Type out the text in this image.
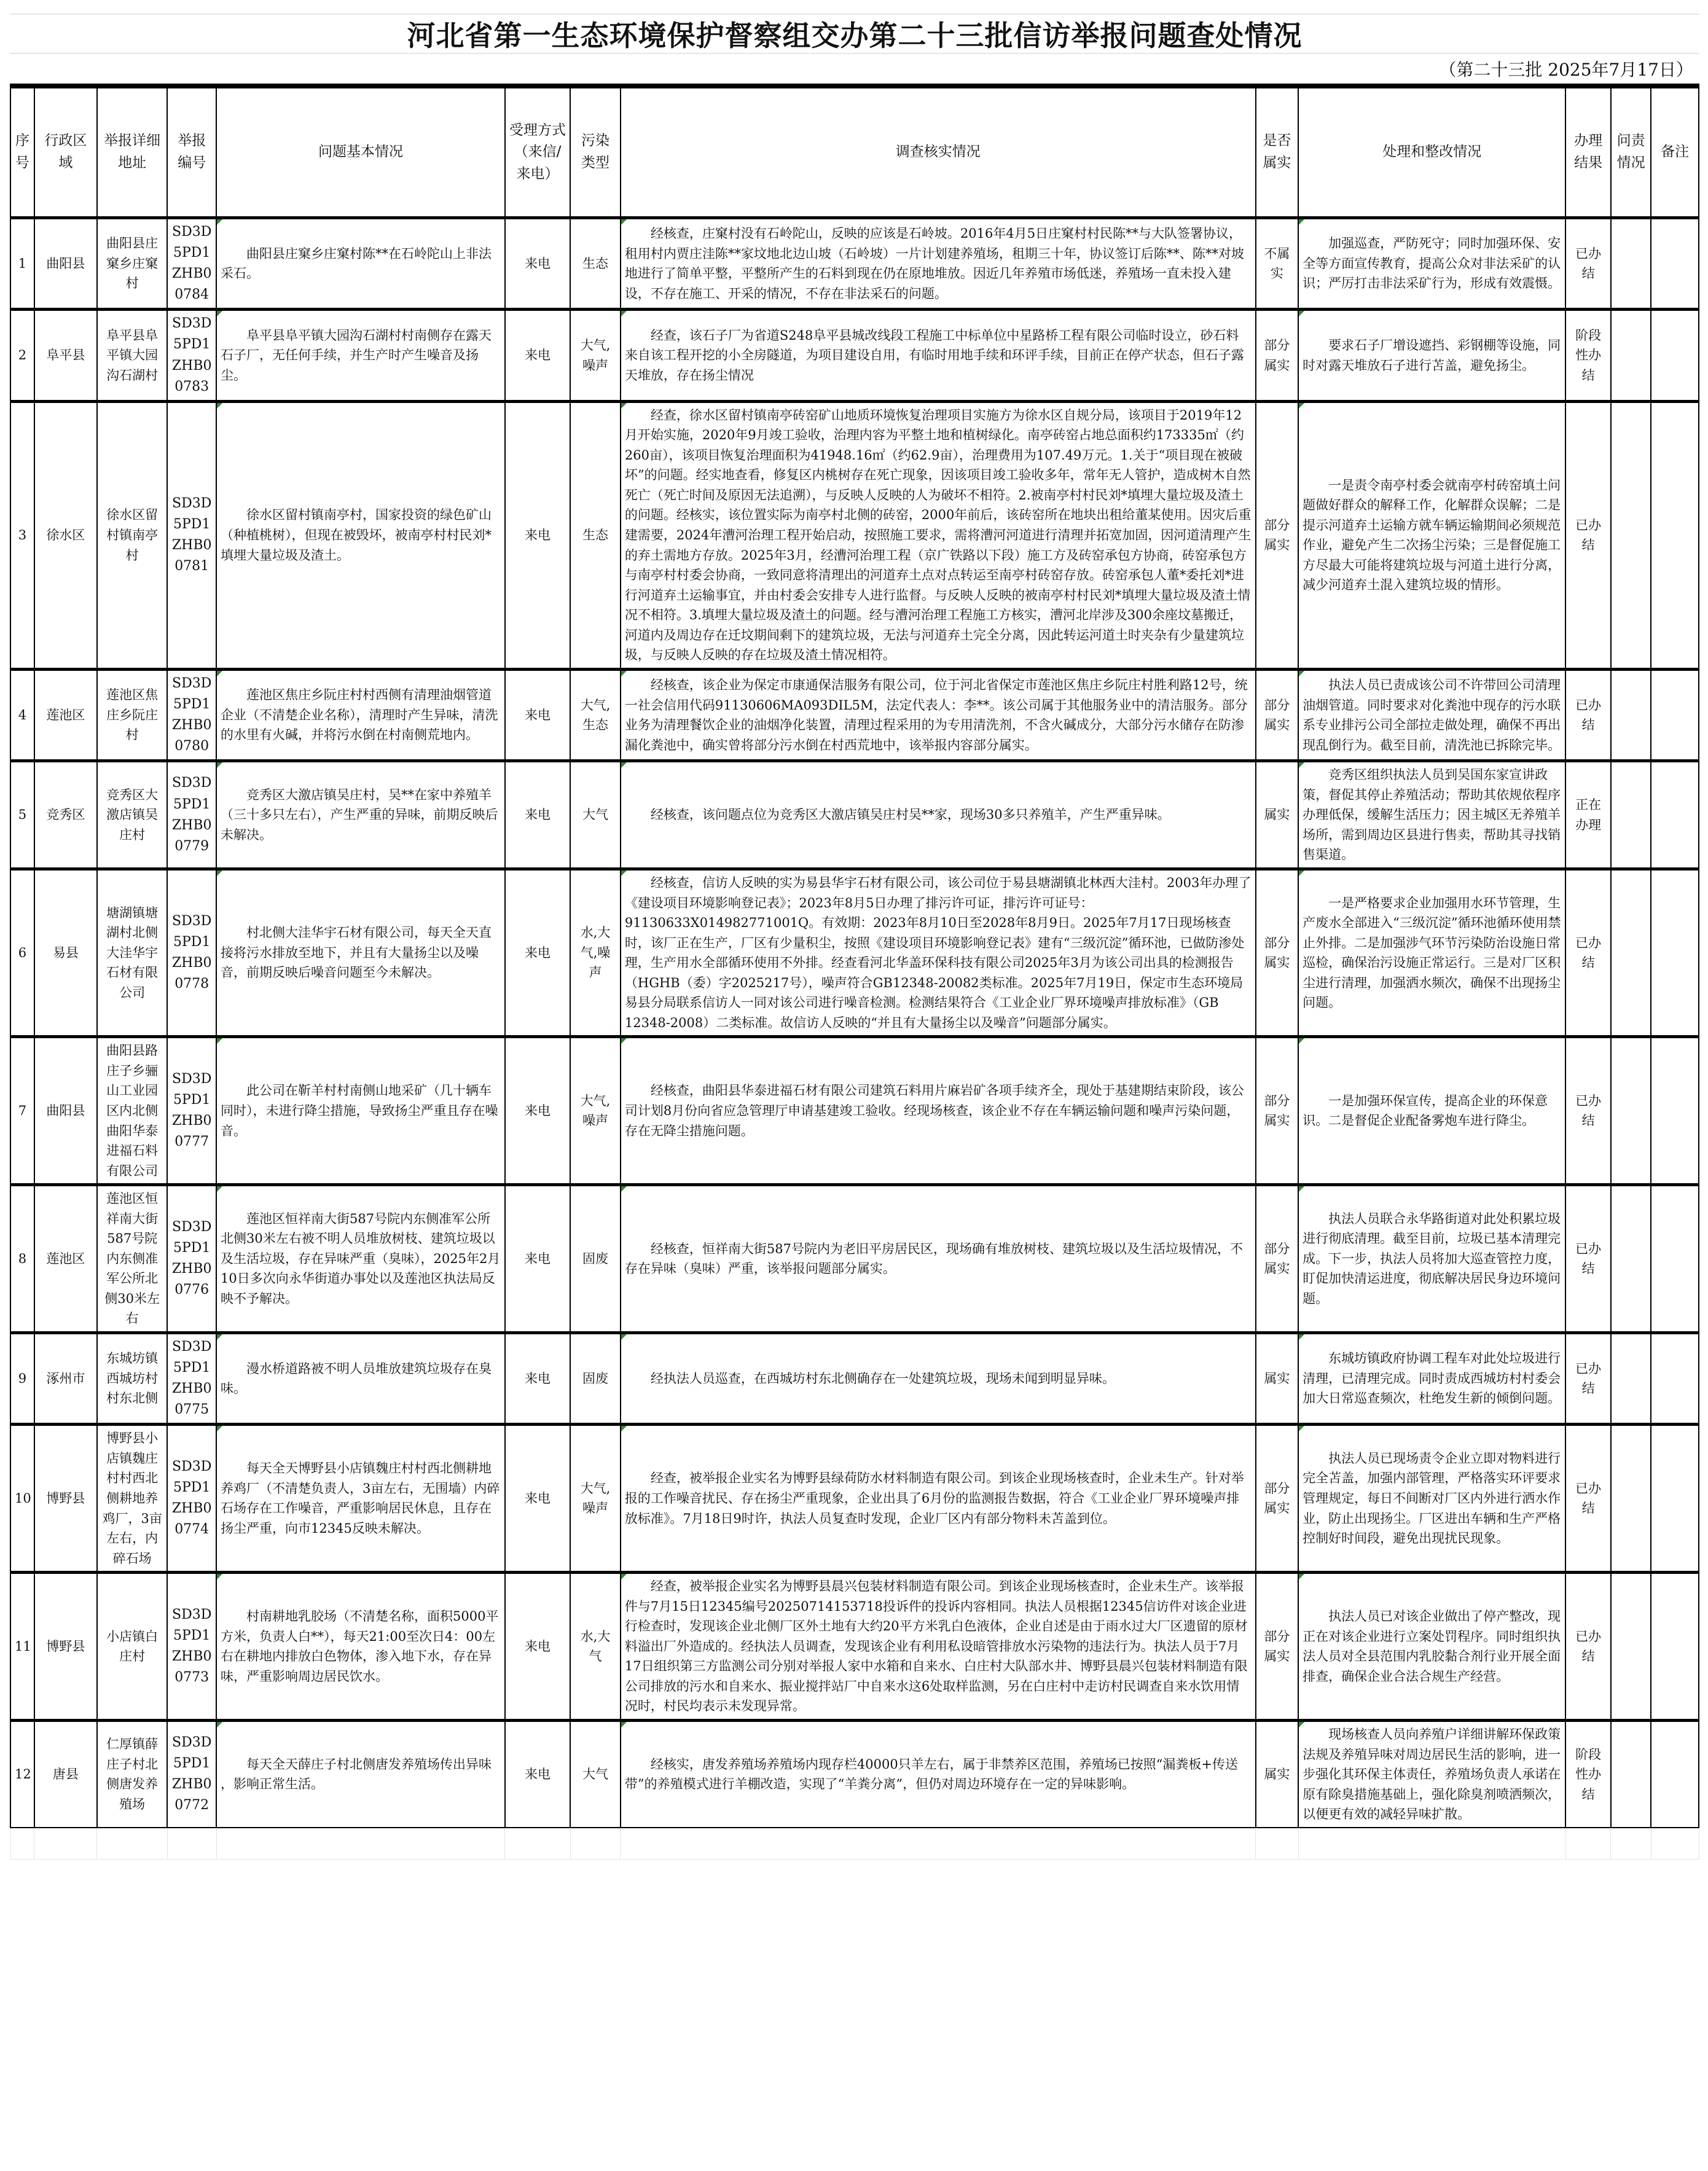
河北省第一生态环境保护督察组交办第二十三批信访举报问题查处情况
（第二十三批 2025年7月17日）
序号	行政区域	举报详细地址	举报编号	问题基本情况	受理方式（来信/来电）	污染类型	调查核实情况	是否属实	处理和整改情况	办理结果	问责情况	备注
1	曲阳县	曲阳县庄窠乡庄窠村	SD3D5PD1ZHB00784	曲阳县庄窠乡庄窠村陈**在石岭陀山上非法采石。	来电	生态	经核查，庄窠村没有石岭陀山，反映的应该是石岭坡。2016年4月5日庄窠村村民陈**与大队签署协议，租用村内贾庄洼陈**家坟地北边山坡（石岭坡）一片计划建养殖场，租期三十年，协议签订后陈**、陈**对坡地进行了简单平整，平整所产生的石料到现在仍在原地堆放。因近几年养殖市场低迷，养殖场一直未投入建设，不存在施工、开采的情况，不存在非法采石的问题。	不属实	加强巡查，严防死守；同时加强环保、安全等方面宣传教育，提高公众对非法采矿的认识；严厉打击非法采矿行为，形成有效震慑。	已办结		
2	阜平县	阜平县阜平镇大园沟石湖村	SD3D5PD1ZHB00783	阜平县阜平镇大园沟石湖村村南侧存在露天石子厂，无任何手续，并生产时产生噪音及扬尘。	来电	大气,噪声	经查，该石子厂为省道S248阜平县城改线段工程施工中标单位中星路桥工程有限公司临时设立，砂石料来自该工程开挖的小全房隧道，为项目建设自用，有临时用地手续和环评手续，目前正在停产状态，但石子露天堆放，存在扬尘情况	部分属实	要求石子厂增设遮挡、彩钢棚等设施，同时对露天堆放石子进行苫盖，避免扬尘。	阶段性办结		
3	徐水区	徐水区留村镇南亭村	SD3D5PD1ZHB00781	徐水区留村镇南亭村，国家投资的绿色矿山（种植桃树），但现在被毁坏，被南亭村村民刘*填埋大量垃圾及渣土。	来电	生态	经查，徐水区留村镇南亭砖窑矿山地质环境恢复治理项目实施方为徐水区自规分局，该项目于2019年12月开始实施，2020年9月竣工验收，治理内容为平整土地和植树绿化。南亭砖窑占地总面积约173335㎡（约260亩），该项目恢复治理面积为41948.16㎡（约62.9亩），治理费用为107.49万元。1.关于“项目现在被破坏”的问题。经实地查看，修复区内桃树存在死亡现象，因该项目竣工验收多年，常年无人管护，造成树木自然死亡（死亡时间及原因无法追溯），与反映人反映的人为破坏不相符。2.被南亭村村民刘*填埋大量垃圾及渣土的问题。经核实，该位置实际为南亭村北侧的砖窑，2000年前后，该砖窑所在地块出租给董某使用。因灾后重建需要，2024年漕河治理工程开始启动，按照施工要求，需将漕河河道进行清理并拓宽加固，因河道清理产生的弃土需地方存放。2025年3月，经漕河治理工程（京广铁路以下段）施工方及砖窑承包方协商，砖窑承包方与南亭村村委会协商，一致同意将清理出的河道弃土点对点转运至南亭村砖窑存放。砖窑承包人董*委托刘*进行河道弃土运输事宜，并由村委会安排专人进行监督。与反映人反映的被南亭村村民刘*填埋大量垃圾及渣土情况不相符。3.填埋大量垃圾及渣土的问题。经与漕河治理工程施工方核实，漕河北岸涉及300余座坟墓搬迁，河道内及周边存在迁坟期间剩下的建筑垃圾，无法与河道弃土完全分离，因此转运河道土时夹杂有少量建筑垃圾，与反映人反映的存在垃圾及渣土情况相符。	部分属实	一是责令南亭村委会就南亭村砖窑填土问题做好群众的解释工作，化解群众误解；二是提示河道弃土运输方就车辆运输期间必须规范作业，避免产生二次扬尘污染；三是督促施工方尽最大可能将建筑垃圾与河道土进行分离，减少河道弃土混入建筑垃圾的情形。	已办结		
4	莲池区	莲池区焦庄乡阮庄村	SD3D5PD1ZHB00780	莲池区焦庄乡阮庄村村西侧有清理油烟管道企业（不清楚企业名称），清理时产生异味，清洗的水里有火碱，并将污水倒在村南侧荒地内。	来电	大气,生态	经核查，该企业为保定市康通保洁服务有限公司，位于河北省保定市莲池区焦庄乡阮庄村胜利路12号，统一社会信用代码91130606MA093DIL5M，法定代表人：李**。该公司属于其他服务业中的清洁服务。部分业务为清理餐饮企业的油烟净化装置，清理过程采用的为专用清洗剂，不含火碱成分，大部分污水储存在防渗漏化粪池中，确实曾将部分污水倒在村西荒地中，该举报内容部分属实。	部分属实	执法人员已责成该公司不许带回公司清理油烟管道。同时要求对化粪池中现存的污水联系专业排污公司全部拉走做处理，确保不再出现乱倒行为。截至目前，清洗池已拆除完毕。	已办结		
5	竞秀区	竞秀区大激店镇吴庄村	SD3D5PD1ZHB00779	竞秀区大激店镇吴庄村，吴**在家中养殖羊（三十多只左右），产生严重的异味，前期反映后未解决。	来电	大气	经核查，该问题点位为竞秀区大激店镇吴庄村吴**家，现场30多只养殖羊，产生严重异味。	属实	竞秀区组织执法人员到吴国东家宣讲政策，督促其停止养殖活动；帮助其依规依程序办理低保，缓解生活压力；因主城区无养殖羊场所，需到周边区县进行售卖，帮助其寻找销售渠道。	正在办理		
6	易县	塘湖镇塘湖村北侧大洼华宇石材有限公司	SD3D5PD1ZHB00778	村北侧大洼华宇石材有限公司，每天全天直接将污水排放至地下，并且有大量扬尘以及噪音，前期反映后噪音问题至今未解决。	来电	水,大气,噪声	经核查，信访人反映的实为易县华宇石材有限公司，该公司位于易县塘湖镇北林西大洼村。2003年办理了《建设项目环境影响登记表》；2023年8月5日办理了排污许可证，排污许可证号：91130633X014982771001Q。有效期：2023年8月10日至2028年8月9日。2025年7月17日现场核查时，该厂正在生产，厂区有少量积尘，按照《建设项目环境影响登记表》建有“三级沉淀”循环池，已做防渗处理，生产用水全部循环使用不外排。经查看河北华盖环保科技有限公司2025年3月为该公司出具的检测报告（HGHB（委）字2025217号），噪声符合GB12348-20082类标准。2025年7月19日，保定市生态环境局易县分局联系信访人一同对该公司进行噪音检测。检测结果符合《工业企业厂界环境噪声排放标准》（GB 12348-2008）二类标准。故信访人反映的“并且有大量扬尘以及噪音”问题部分属实。	部分属实	一是严格要求企业加强用水环节管理，生产废水全部进入“三级沉淀”循环池循环使用禁止外排。二是加强涉气环节污染防治设施日常巡检，确保治污设施正常运行。三是对厂区积尘进行清理，加强洒水频次，确保不出现扬尘问题。	已办结		
7	曲阳县	曲阳县路庄子乡骊山工业园区内北侧曲阳华泰进福石料有限公司	SD3D5PD1ZHB00777	此公司在靳羊村村南侧山地采矿（几十辆车同时），未进行降尘措施，导致扬尘严重且存在噪音。	来电	大气,噪声	经核查，曲阳县华泰进福石材有限公司建筑石料用片麻岩矿各项手续齐全，现处于基建期结束阶段，该公司计划8月份向省应急管理厅申请基建竣工验收。经现场核查，该企业不存在车辆运输问题和噪声污染问题，存在无降尘措施问题。	部分属实	一是加强环保宣传，提高企业的环保意识。二是督促企业配备雾炮车进行降尘。	已办结		
8	莲池区	莲池区恒祥南大街587号院内东侧准军公所北侧30米左右	SD3D5PD1ZHB00776	莲池区恒祥南大街587号院内东侧准军公所北侧30米左右被不明人员堆放树枝、建筑垃圾以及生活垃圾，存在异味严重（臭味），2025年2月10日多次向永华街道办事处以及莲池区执法局反映不予解决。	来电	固废	经核查，恒祥南大街587号院内为老旧平房居民区，现场确有堆放树枝、建筑垃圾以及生活垃圾情况，不存在异味（臭味）严重，该举报问题部分属实。	部分属实	执法人员联合永华路街道对此处积累垃圾进行彻底清理。截至目前，垃圾已基本清理完成。下一步，执法人员将加大巡查管控力度，盯促加快清运进度，彻底解决居民身边环境问题。	已办结		
9	涿州市	东城坊镇西城坊村村东北侧	SD3D5PD1ZHB00775	漫水桥道路被不明人员堆放建筑垃圾存在臭味。	来电	固废	经执法人员巡查，在西城坊村东北侧确存在一处建筑垃圾，现场未闻到明显异味。	属实	东城坊镇政府协调工程车对此处垃圾进行清理，已清理完成。同时责成西城坊村村委会加大日常巡查频次，杜绝发生新的倾倒问题。	已办结		
10	博野县	博野县小店镇魏庄村村西北侧耕地养鸡厂，3亩左右，内碎石场	SD3D5PD1ZHB00774	每天全天博野县小店镇魏庄村村西北侧耕地养鸡厂（不清楚负责人，3亩左右，无围墙）内碎石场存在工作噪音，严重影响居民休息，且存在扬尘严重，向市12345反映未解决。	来电	大气,噪声	经查，被举报企业实名为博野县绿荷防水材料制造有限公司。到该企业现场核查时，企业未生产。针对举报的工作噪音扰民、存在扬尘严重现象，企业出具了6月份的监测报告数据，符合《工业企业厂界环境噪声排放标准》。7月18日9时许，执法人员复查时发现，企业厂区内有部分物料未苫盖到位。	部分属实	执法人员已现场责令企业立即对物料进行完全苫盖，加强内部管理，严格落实环评要求管理规定，每日不间断对厂区内外进行洒水作业，防止出现扬尘。厂区进出车辆和生产严格控制好时间段，避免出现扰民现象。	已办结		
11	博野县	小店镇白庄村	SD3D5PD1ZHB00773	村南耕地乳胶场（不清楚名称，面积5000平方米，负责人白**），每天21:00至次日4：00左右在耕地内排放白色物体，渗入地下水，存在异味，严重影响周边居民饮水。	来电	水,大气	经查，被举报企业实名为博野县晨兴包装材料制造有限公司。到该企业现场核查时，企业未生产。该举报件与7月15日12345编号20250714153718投诉件的投诉内容相同。执法人员根据12345信访件对该企业进行检查时，发现该企业北侧厂区外土地有大约20平方米乳白色液体，企业自述是由于雨水过大厂区遗留的原材料溢出厂外造成的。经执法人员调查，发现该企业有利用私设暗管排放水污染物的违法行为。执法人员于7月17日组织第三方监测公司分别对举报人家中水箱和自来水、白庄村大队部水井、博野县晨兴包装材料制造有限公司排放的污水和自来水、振业搅拌站厂中自来水这6处取样监测，另在白庄村中走访村民调查自来水饮用情况时，村民均表示未发现异常。	部分属实	执法人员已对该企业做出了停产整改，现正在对该企业进行立案处罚程序。同时组织执法人员对全县范围内乳胶黏合剂行业开展全面排查，确保企业合法合规生产经营。	已办结		
12	唐县	仁厚镇薛庄子村北侧唐发养殖场	SD3D5PD1ZHB00772	每天全天薛庄子村北侧唐发养殖场传出异味 ，影响正常生活。	来电	大气	经核实，唐发养殖场养殖场内现存栏40000只羊左右，属于非禁养区范围，养殖场已按照“漏粪板+传送带”的养殖模式进行羊棚改造，实现了“羊粪分离”，但仍对周边环境存在一定的异味影响。	属实	现场核查人员向养殖户详细讲解环保政策法规及养殖异味对周边居民生活的影响，进一步强化其环保主体责任，养殖场负责人承诺在原有除臭措施基础上，强化除臭剂喷洒频次，以便更有效的减轻异味扩散。	阶段性办结		
